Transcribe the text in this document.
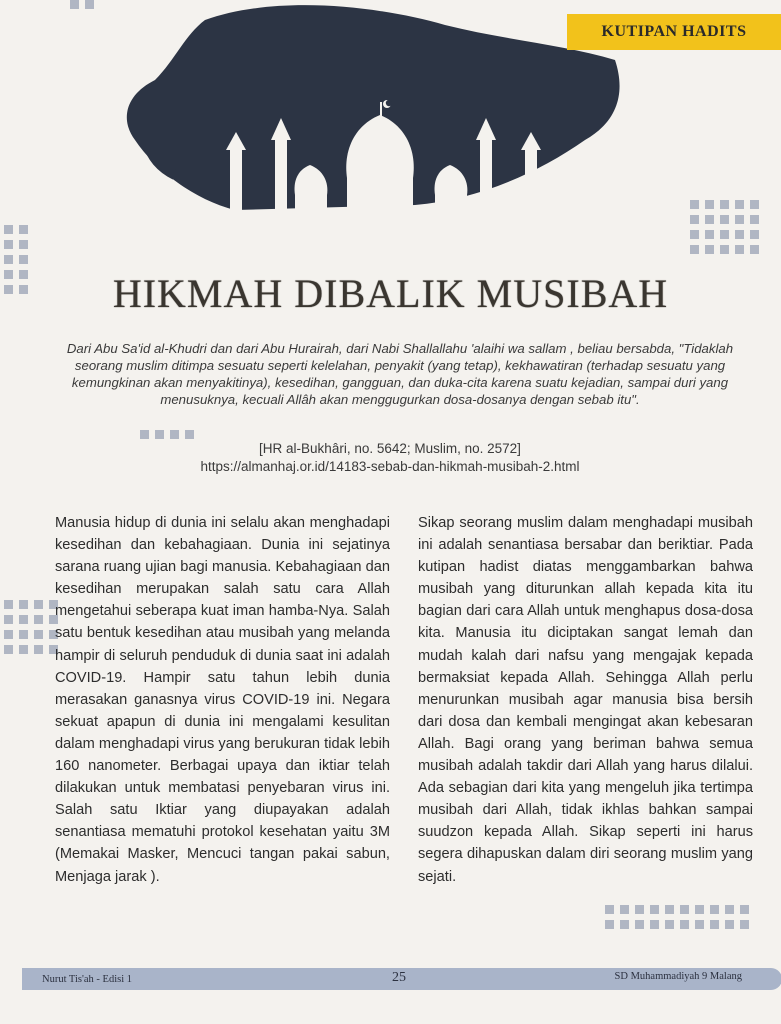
KUTIPAN HADITS
HIKMAH DIBALIK MUSIBAH

Dari Abu Sa'id al-Khudri dan dari Abu Hurairah, dari Nabi Shallallahu 'alaihi wa sallam , beliau bersabda, "Tidaklah seorang muslim ditimpa sesuatu seperti kelelahan, penyakit (yang tetap), kekhawatiran (terhadap sesuatu yang kemungkinan akan menyakitinya), kesedihan, gangguan, dan duka-cita karena suatu kejadian, sampai duri yang menusuknya, kecuali Allâh akan menggugurkan dosa-dosanya dengan sebab itu".

[HR al-Bukhâri, no. 5642; Muslim, no. 2572]
https://almanhaj.or.id/14183-sebab-dan-hikmah-musibah-2.html

Manusia hidup di dunia ini selalu akan menghadapi kesedihan dan kebahagiaan. Dunia ini sejatinya sarana ruang ujian bagi manusia. Kebahagiaan dan kesedihan merupakan salah satu cara Allah mengetahui seberapa kuat iman hamba-Nya. Salah satu bentuk kesedihan atau musibah yang melanda hampir di seluruh penduduk di dunia saat ini adalah COVID-19. Hampir satu tahun lebih dunia merasakan ganasnya virus COVID-19 ini. Negara sekuat apapun di dunia ini mengalami kesulitan dalam menghadapi virus yang berukuran tidak lebih 160 nanometer. Berbagai upaya dan iktiar telah dilakukan untuk membatasi penyebaran virus ini. Salah satu Iktiar yang diupayakan adalah senantiasa mematuhi protokol kesehatan yaitu 3M (Memakai Masker, Mencuci tangan pakai sabun, Menjaga jarak ).

Sikap seorang muslim dalam menghadapi musibah ini adalah senantiasa bersabar dan beriktiar. Pada kutipan hadist diatas menggambarkan bahwa musibah yang diturunkan allah kepada kita itu bagian dari cara Allah untuk menghapus dosa-dosa kita. Manusia itu diciptakan sangat lemah dan mudah kalah dari nafsu yang mengajak kepada bermaksiat kepada Allah. Sehingga Allah perlu menurunkan musibah agar manusia bisa bersih dari dosa dan kembali mengingat akan kebesaran Allah. Bagi orang yang beriman bahwa semua musibah adalah takdir dari Allah yang harus dilalui. Ada sebagian dari kita yang mengeluh jika tertimpa musibah dari Allah, tidak ikhlas bahkan sampai suudzon kepada Allah. Sikap seperti ini harus segera dihapuskan dalam diri seorang muslim yang sejati.

Nurut Tis'ah - Edisi 1	25	SD Muhammadiyah 9 Malang
